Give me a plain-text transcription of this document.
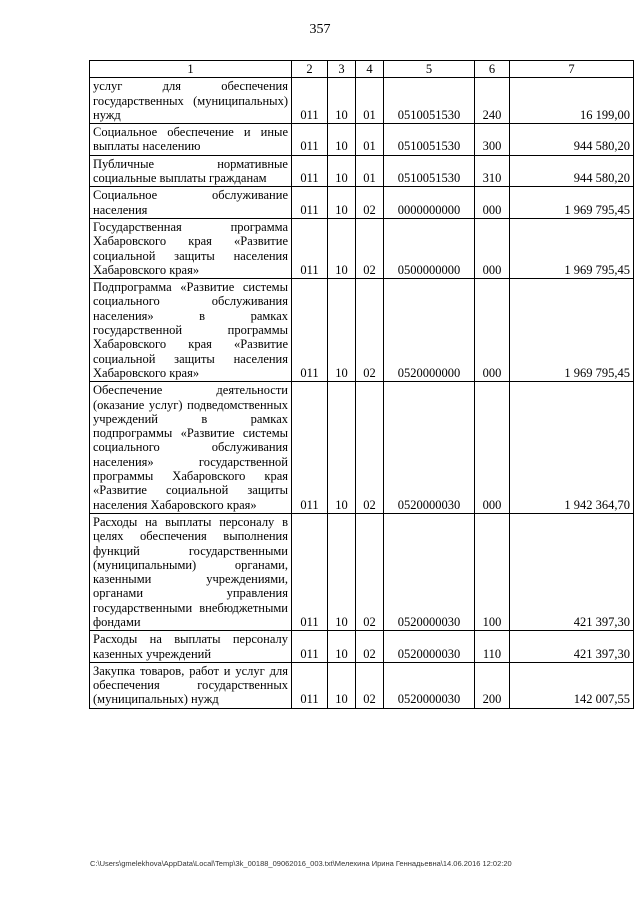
357
1	2	3	4	5	6	7
услуг для обеспечения государственных (муниципальных) нужд	011	10	01	0510051530	240	16 199,00
Социальное обеспечение и иные выплаты населению	011	10	01	0510051530	300	944 580,20
Публичные нормативные социальные выплаты гражданам	011	10	01	0510051530	310	944 580,20
Социальное обслуживание населения	011	10	02	0000000000	000	1 969 795,45
Государственная программа Хабаровского края «Развитие социальной защиты населения Хабаровского края»	011	10	02	0500000000	000	1 969 795,45
Подпрограмма «Развитие системы социального обслуживания населения» в рамках государственной программы Хабаровского края «Развитие социальной защиты населения Хабаровского края»	011	10	02	0520000000	000	1 969 795,45
Обеспечение деятельности (оказание услуг) подведомственных учреждений в рамках подпрограммы «Развитие системы социального обслуживания населения» государственной программы Хабаровского края «Развитие социальной защиты населения Хабаровского края»	011	10	02	0520000030	000	1 942 364,70
Расходы на выплаты персоналу в целях обеспечения выполнения функций государственными (муниципальными) органами, казенными учреждениями, органами управления государственными внебюджетными фондами	011	10	02	0520000030	100	421 397,30
Расходы на выплаты персоналу казенных учреждений	011	10	02	0520000030	110	421 397,30
Закупка товаров, работ и услуг для обеспечения государственных (муниципальных) нужд	011	10	02	0520000030	200	142 007,55
C:\Users\gmelekhova\AppData\Local\Temp\3k_00188_09062016_003.txt\Мелехина Ирина Геннадьевна\14.06.2016 12:02:20
